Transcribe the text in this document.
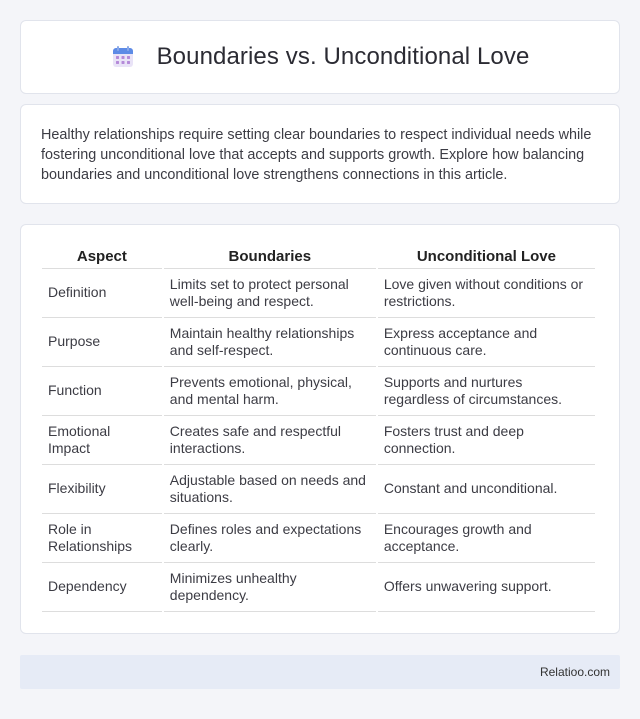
Boundaries vs. Unconditional Love

Healthy relationships require setting clear boundaries to respect individual needs while fostering unconditional love that accepts and supports growth. Explore how balancing boundaries and unconditional love strengthens connections in this article.

Aspect	Boundaries	Unconditional Love
Definition	Limits set to protect personal well-being and respect.	Love given without conditions or restrictions.
Purpose	Maintain healthy relationships and self-respect.	Express acceptance and continuous care.
Function	Prevents emotional, physical, and mental harm.	Supports and nurtures regardless of circumstances.
Emotional Impact	Creates safe and respectful interactions.	Fosters trust and deep connection.
Flexibility	Adjustable based on needs and situations.	Constant and unconditional.
Role in Relationships	Defines roles and expectations clearly.	Encourages growth and acceptance.
Dependency	Minimizes unhealthy dependency.	Offers unwavering support.
Relatioo.com
